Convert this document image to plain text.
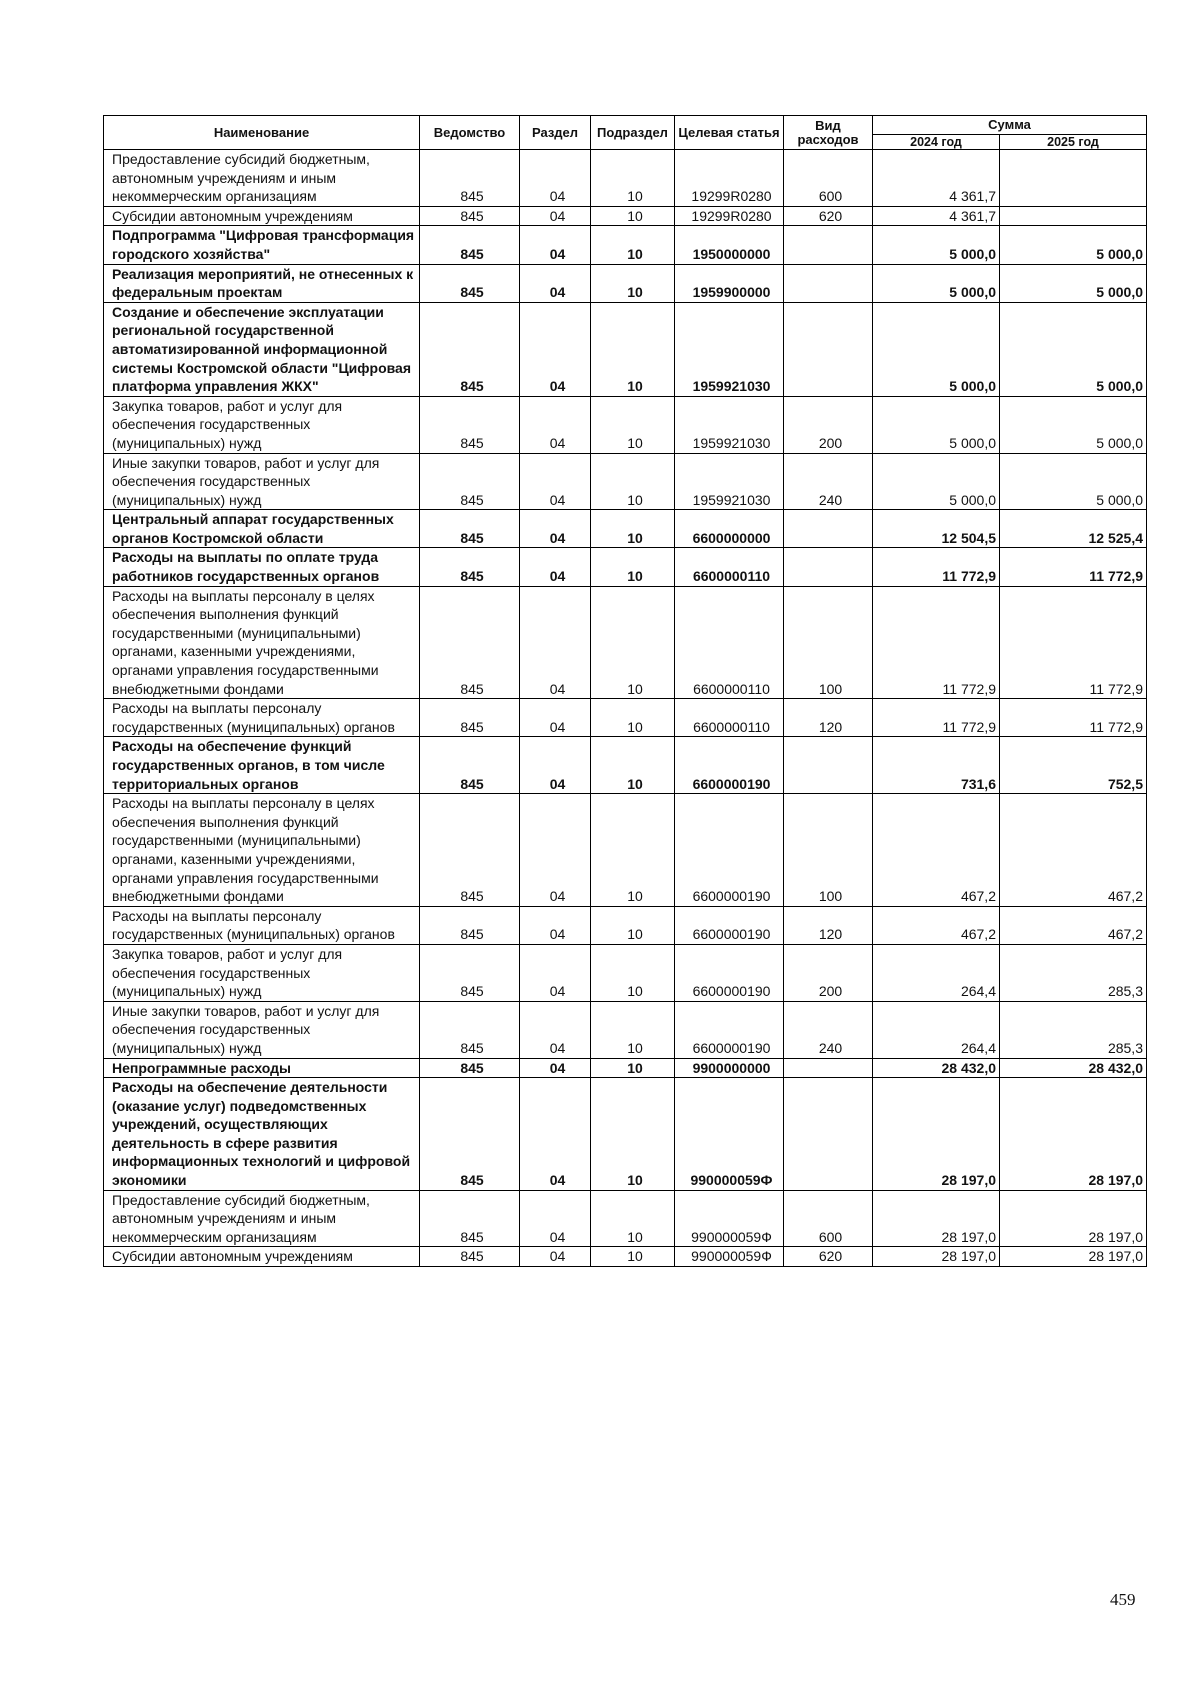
Наименование	Ведомство	Раздел	Подраздел	Целевая статья	Вид расходов	Сумма	
						2024 год	2025 год
Предоставление субсидий бюджетным, автономным учреждениям и иным некоммерческим организациям	845	04	10	19299R0280	600	4 361,7	
Субсидии автономным учреждениям	845	04	10	19299R0280	620	4 361,7	
Подпрограмма "Цифровая трансформация городского хозяйства"	845	04	10	1950000000		5 000,0	5 000,0
Реализация мероприятий, не отнесенных к федеральным проектам	845	04	10	1959900000		5 000,0	5 000,0
Создание и обеспечение эксплуатации региональной государственной автоматизированной информационной системы Костромской области "Цифровая платформа управления ЖКХ"	845	04	10	1959921030		5 000,0	5 000,0
Закупка товаров, работ и услуг для обеспечения государственных (муниципальных) нужд	845	04	10	1959921030	200	5 000,0	5 000,0
Иные закупки товаров, работ и услуг для обеспечения государственных (муниципальных) нужд	845	04	10	1959921030	240	5 000,0	5 000,0
Центральный аппарат государственных органов Костромской области	845	04	10	6600000000		12 504,5	12 525,4
Расходы на выплаты по оплате труда работников государственных органов	845	04	10	6600000110		11 772,9	11 772,9
Расходы на выплаты персоналу в целях обеспечения выполнения функций государственными (муниципальными) органами, казенными учреждениями, органами управления государственными внебюджетными фондами	845	04	10	6600000110	100	11 772,9	11 772,9
Расходы на выплаты персоналу государственных (муниципальных) органов	845	04	10	6600000110	120	11 772,9	11 772,9
Расходы на обеспечение функций государственных органов, в том числе территориальных органов	845	04	10	6600000190		731,6	752,5
Расходы на выплаты персоналу в целях обеспечения выполнения функций государственными (муниципальными) органами, казенными учреждениями, органами управления государственными внебюджетными фондами	845	04	10	6600000190	100	467,2	467,2
Расходы на выплаты персоналу государственных (муниципальных) органов	845	04	10	6600000190	120	467,2	467,2
Закупка товаров, работ и услуг для обеспечения государственных (муниципальных) нужд	845	04	10	6600000190	200	264,4	285,3
Иные закупки товаров, работ и услуг для обеспечения государственных (муниципальных) нужд	845	04	10	6600000190	240	264,4	285,3
Непрограммные расходы	845	04	10	9900000000		28 432,0	28 432,0
Расходы на обеспечение деятельности (оказание услуг) подведомственных учреждений, осуществляющих деятельность в сфере развития информационных технологий и цифровой экономики	845	04	10	990000059Ф		28 197,0	28 197,0
Предоставление субсидий бюджетным, автономным учреждениям и иным некоммерческим организациям	845	04	10	990000059Ф	600	28 197,0	28 197,0
Субсидии автономным учреждениям	845	04	10	990000059Ф	620	28 197,0	28 197,0
459
